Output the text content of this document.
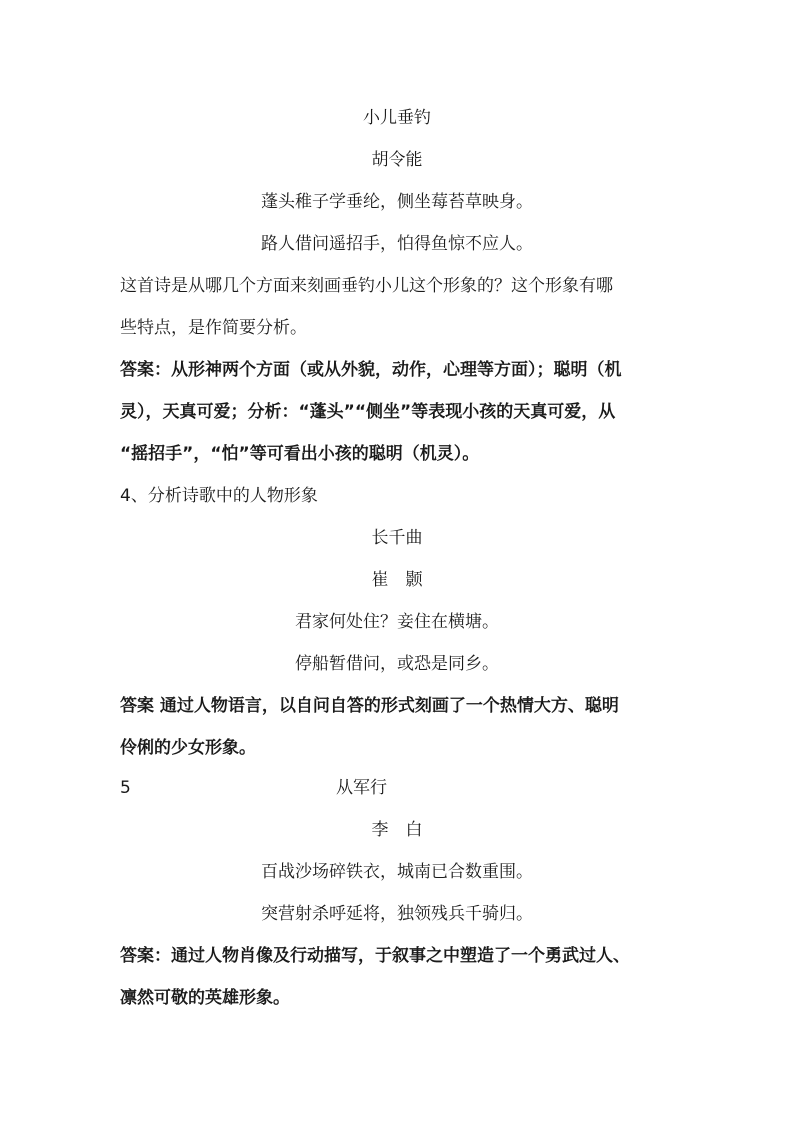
小儿垂钓
胡令能
蓬头稚子学垂纶，侧坐莓苔草映身。
路人借问遥招手，怕得鱼惊不应人。
这首诗是从哪几个方面来刻画垂钓小儿这个形象的？这个形象有哪
些特点，是作简要分析。
答案：从形神两个方面（或从外貌，动作，心理等方面）；聪明（机
灵），天真可爱；分析：“蓬头”“侧坐”等表现小孩的天真可爱，从
“摇招手”，“怕”等可看出小孩的聪明（机灵）。
4、分析诗歌中的人物形象
长千曲
崔　颢
君家何处住？妾住在横塘。
停船暂借问，或恐是同乡。
答案 通过人物语言，以自问自答的形式刻画了一个热情大方、聪明
伶俐的少女形象。
5	从军行
李　白
百战沙场碎铁衣，城南已合数重围。
突营射杀呼延将，独领残兵千骑归。
答案：通过人物肖像及行动描写，于叙事之中塑造了一个勇武过人、
凛然可敬的英雄形象。
